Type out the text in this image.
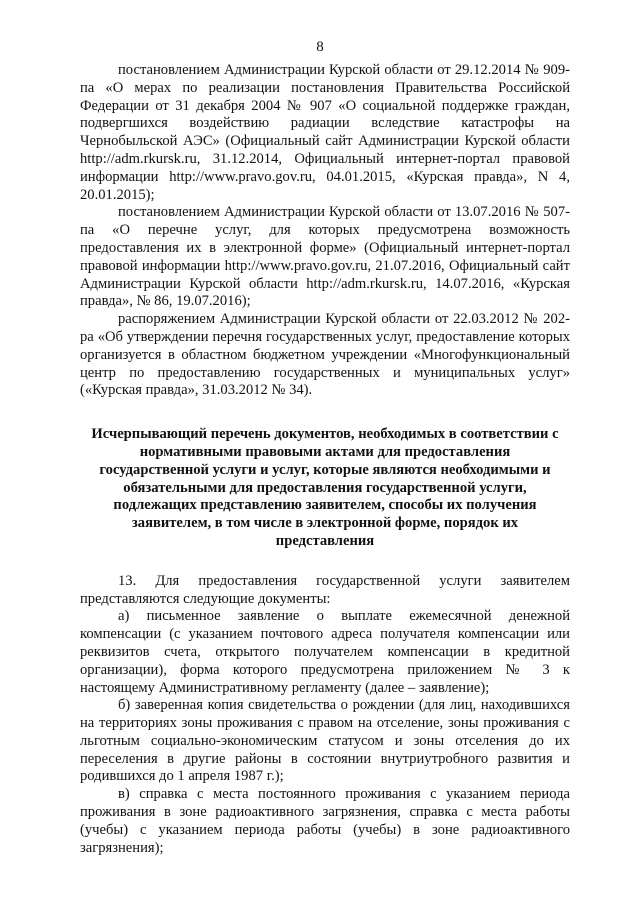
8

постановлением Администрации Курской области от 29.12.2014 № 909-па «О мерах по реализации постановления Правительства Российской Федерации от 31 декабря 2004 № 907 «О социальной поддержке граждан, подвергшихся воздействию радиации вследствие катастрофы на Чернобыльской АЭС» (Официальный сайт Администрации Курской области http://adm.rkursk.ru, 31.12.2014, Официальный интернет-портал правовой информации http://www.pravo.gov.ru, 04.01.2015, «Курская правда», N 4, 20.01.2015);

постановлением Администрации Курской области от 13.07.2016 № 507-па «О перечне услуг, для которых предусмотрена возможность предоставления их в электронной форме» (Официальный интернет-портал правовой информации http://www.pravo.gov.ru, 21.07.2016, Официальный сайт Администрации Курской области http://adm.rkursk.ru, 14.07.2016, «Курская правда», № 86, 19.07.2016);

распоряжением Администрации Курской области от 22.03.2012 № 202-ра «Об утверждении перечня государственных услуг, предоставление которых организуется в областном бюджетном учреждении «Многофункциональный центр по предоставлению государственных и муниципальных услуг» («Курская правда», 31.03.2012 № 34).

Исчерпывающий перечень документов, необходимых в соответствии с нормативными правовыми актами для предоставления государственной услуги и услуг, которые являются необходимыми и обязательными для предоставления государственной услуги, подлежащих представлению заявителем, способы их получения заявителем, в том числе в электронной форме, порядок их представления

13. Для предоставления государственной услуги заявителем представляются следующие документы:

а) письменное заявление о выплате ежемесячной денежной компенсации (с указанием почтового адреса получателя компенсации или реквизитов счета, открытого получателем компенсации в кредитной организации), форма которого предусмотрена приложением № 3 к настоящему Административному регламенту (далее – заявление);

б) заверенная копия свидетельства о рождении (для лиц, находившихся на территориях зоны проживания с правом на отселение, зоны проживания с льготным социально-экономическим статусом и зоны отселения до их переселения в другие районы в состоянии внутриутробного развития и родившихся до 1 апреля 1987 г.);

в) справка с места постоянного проживания с указанием периода проживания в зоне радиоактивного загрязнения, справка с места работы (учебы) с указанием периода работы (учебы) в зоне радиоактивного загрязнения);
